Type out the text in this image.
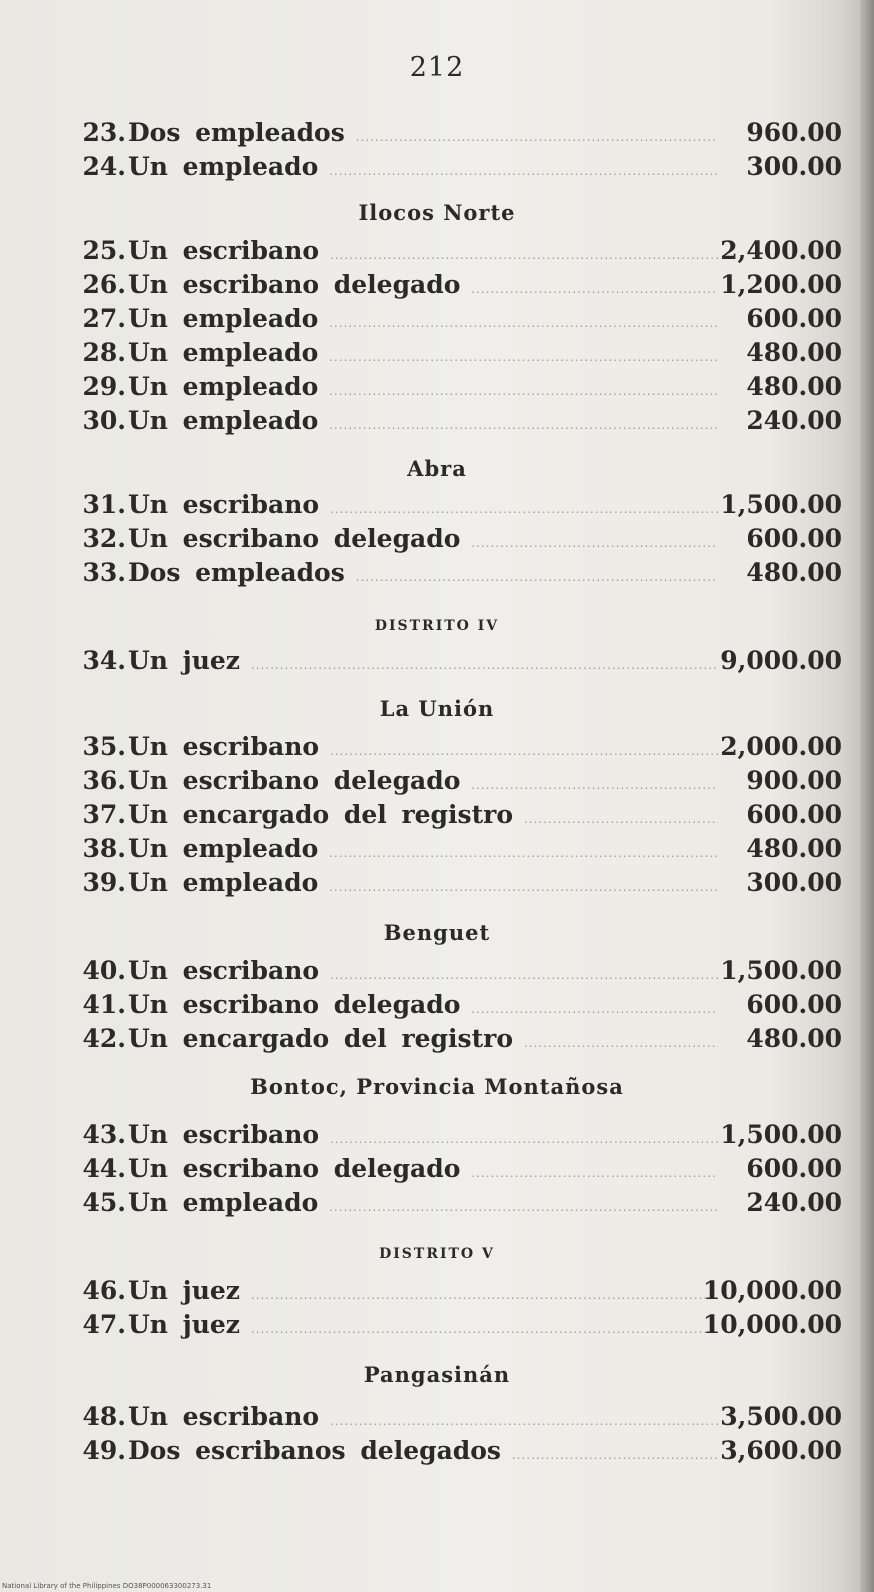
212
23. Dos empleados .....	960.00
24. Un empleado .....	300.00
Ilocos Norte
25. Un escribano .....	2,400.00
26. Un escribano delegado .....	1,200.00
27. Un empleado .....	600.00
28. Un empleado .....	480.00
29. Un empleado .....	480.00
30. Un empleado .....	240.00
Abra
31. Un escribano .....	1,500.00
32. Un escribano delegado .....	600.00
33. Dos empleados .....	480.00
DISTRITO IV
34. Un juez .....	9,000.00
La Unión
35. Un escribano .....	2,000.00
36. Un escribano delegado .....	900.00
37. Un encargado del registro .....	600.00
38. Un empleado .....	480.00
39. Un empleado .....	300.00
Benguet
40. Un escribano .....	1,500.00
41. Un escribano delegado .....	600.00
42. Un encargado del registro .....	480.00
Bontoc, Provincia Montañosa
43. Un escribano .....	1,500.00
44. Un escribano delegado .....	600.00
45. Un empleado .....	240.00
DISTRITO V
46. Un juez .....	10,000.00
47. Un juez .....	10,000.00
Pangasinán
48. Un escribano .....	3,500.00
49. Dos escribanos delegados .....	3,600.00
National Library of the Philippines DO38P000063300273.31
